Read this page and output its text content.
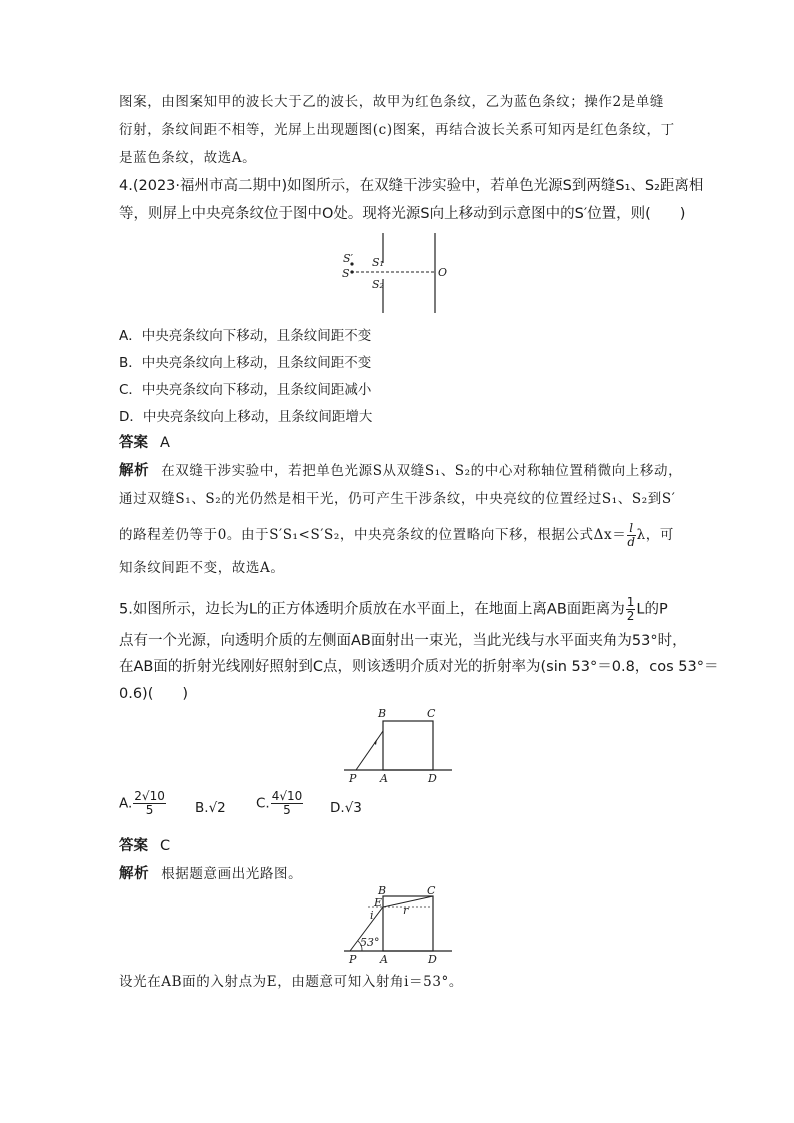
图案，由图案知甲的波长大于乙的波长，故甲为红色条纹，乙为蓝色条纹；操作2是单缝
衍射，条纹间距不相等，光屏上出现题图(c)图案，再结合波长关系可知丙是红色条纹，丁
是蓝色条纹，故选A。
4.(2023·福州市高二期中)如图所示，在双缝干涉实验中，若单色光源S到两缝S₁、S₂距离相
等，则屏上中央亮条纹位于图中O处。现将光源S向上移动到示意图中的S′位置，则(　　)
S′
S
S₁
S₂
O
A．中央亮条纹向下移动，且条纹间距不变
B．中央亮条纹向上移动，且条纹间距不变
C．中央亮条纹向下移动，且条纹间距减小
D．中央亮条纹向上移动，且条纹间距增大
答案 A
解析 在双缝干涉实验中，若把单色光源S从双缝S₁、S₂的中心对称轴位置稍微向上移动，
通过双缝S₁、S₂的光仍然是相干光，仍可产生干涉条纹，中央亮纹的位置经过S₁、S₂到S′
的路程差仍等于0。由于S′S₁<S′S₂，中央亮条纹的位置略向下移，根据公式$\Delta x= \frac{l}{d}$ λ，可
知条纹间距不变，故选A。
5.如图所示，边长为L的正方体透明介质放在水平面上，在地面上离AB面距离为 $\frac{1}{2}$ L的P
点有一个光源，向透明介质的左侧面AB面射出一束光，当此光线与水平面夹角为53°时，
在AB面的折射光线刚好照射到C点，则该透明介质对光的折射率为(sin 53°＝0.8，cos 53°＝
0.6)(　　)
B	C
P A	D
A. $\frac{2√10}{5} B.√2$ C. $\frac{4√10}{5} D.√3$
答案 C
解析 根据题意画出光路图。
B	C
E
i	r
53°
P A	D
设光在AB面的入射点为E，由题意可知入射角i＝53°。
